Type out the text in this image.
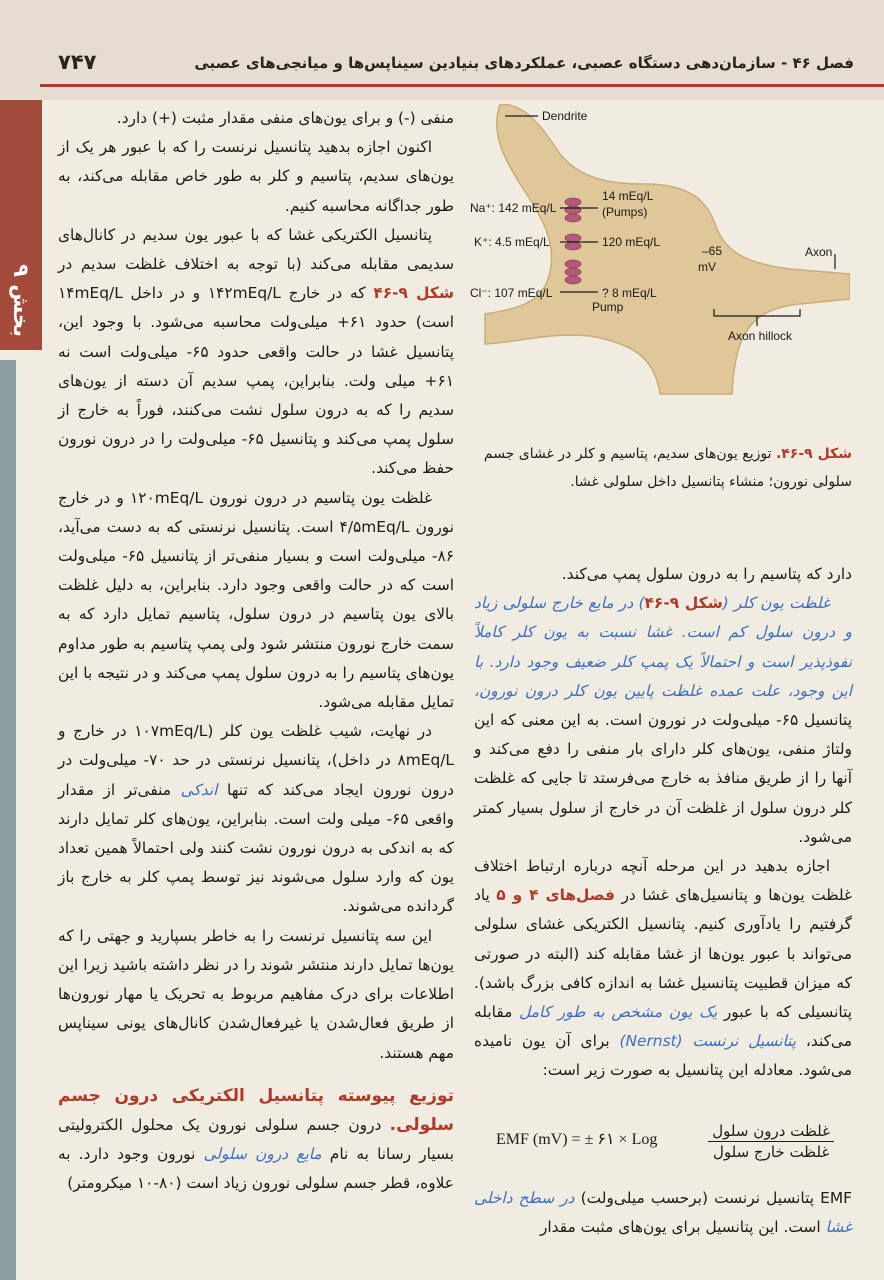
۷۴۷	فصل ۴۶ - سازمان‌دهی دستگاه عصبی، عملکردهای بنیادین سیناپس‌ها و میانجی‌های عصبی
بخش ۹
Dendrite
Na⁺: 142 mEq/L
14 mEq/L
(Pumps)
K⁺: 4.5 mEq/L	120 mEq/L
Cl⁻: 107 mEq/L	? 8 mEq/L
Pump
–65
mV
Axon
Axon hillock
شکل ۹-۴۶. توزیع یون‌های سدیم، پتاسیم و کلر در غشای جسم سلولی نورون؛ منشاء پتانسیل داخل سلولی غشا.

منفی (-) و برای یون‌های منفی مقدار مثبت (+) دارد.

اکنون اجازه بدهید پتانسیل نرنست را که با عبور هر یک از یون‌های سدیم، پتاسیم و کلر به طور خاص مقابله می‌کند، به طور جداگانه محاسبه کنیم.

پتانسیل الکتریکی غشا که با عبور یون سدیم در کانال‌های سدیمی مقابله می‌کند (با توجه به اختلاف غلظت سدیم در شکل ۹-۴۶ که در خارج ۱۴۲mEq/L و در داخل ۱۴mEq/L است) حدود ۶۱+ میلی‌ولت محاسبه می‌شود. با وجود این، پتانسیل غشا در حالت واقعی حدود ۶۵- میلی‌ولت است نه ۶۱+ میلی ولت. بنابراین، پمپ سدیم آن دسته از یون‌های سدیم را که به درون سلول نشت می‌کنند، فوراً به خارج از سلول پمپ می‌کند و پتانسیل ۶۵- میلی‌ولت را در درون نورون حفظ می‌کند.

غلظت یون پتاسیم در درون نورون ۱۲۰mEq/L و در خارج نورون ۴/۵mEq/L است. پتانسیل نرنستی که به دست می‌آید، ۸۶- میلی‌ولت است و بسیار منفی‌تر از پتانسیل ۶۵- میلی‌ولت است که در حالت واقعی وجود دارد. بنابراین، به دلیل غلظت بالای یون پتاسیم در درون سلول، پتاسیم تمایل دارد که به سمت خارج نورون منتشر شود ولی پمپ پتاسیم به طور مداوم یون‌های پتاسیم را به درون سلول پمپ می‌کند و در نتیجه با این تمایل مقابله می‌شود.

در نهایت، شیب غلظت یون کلر (۱۰۷mEq/L در خارج و ۸mEq/L در داخل)، پتانسیل نرنستی در حد ۷۰- میلی‌ولت در درون نورون ایجاد می‌کند که تنها اندکی منفی‌تر از مقدار واقعی ۶۵- میلی ولت است. بنابراین، یون‌های کلر تمایل دارند که به اندکی به درون نورون نشت کنند ولی احتمالاً همین تعداد یون که وارد سلول می‌شوند نیز توسط پمپ کلر به خارج باز گردانده می‌شوند.

این سه پتانسیل نرنست را به خاطر بسپارید و جهتی را که یون‌ها تمایل دارند منتشر شوند را در نظر داشته باشید زیرا این اطلاعات برای درک مفاهیم مربوط به تحریک یا مهار نورون‌ها از طریق فعال‌شدن یا غیرفعال‌شدن کانال‌های یونی سیناپس مهم هستند.

توزیع پیوسته پتانسیل الکتریکی درون جسم سلولی. درون جسم سلولی نورون یک محلول الکترولیتی بسیار رسانا به نام مایع درون سلولی نورون وجود دارد. به علاوه، قطر جسم سلولی نورون زیاد است (۸۰-۱۰ میکرومتر)

دارد که پتاسیم را به درون سلول پمپ می‌کند.

غلظت یون کلر (شکل ۹-۴۶) در مایع خارج سلولی زیاد و درون سلول کم است. غشا نسبت به یون کلر کاملاً نفوذپذیر است و احتمالاً یک پمپ کلر ضعیف وجود دارد. با این وجود، علت عمده غلظت پایین یون کلر درون نورون، پتانسیل ۶۵- میلی‌ولت در نورون است. به این معنی که این ولتاژ منفی، یون‌های کلر دارای بار منفی را دفع می‌کند و آنها را از طریق منافذ به خارج می‌فرستد تا جایی که غلظت کلر درون سلول از غلظت آن در خارج از سلول بسیار کمتر می‌شود.

اجازه بدهید در این مرحله آنچه درباره ارتباط اختلاف غلظت یون‌ها و پتانسیل‌های غشا در فصل‌های ۴ و ۵ یاد گرفتیم را یادآوری کنیم. پتانسیل الکتریکی غشای سلولی می‌تواند با عبور یون‌ها از غشا مقابله کند (البته در صورتی که میزان قطبیت پتانسیل غشا به اندازه کافی بزرگ باشد). پتانسیلی که با عبور یک یون مشخص به طور کامل مقابله می‌کند، پتانسیل نرنست (Nernst) برای آن یون نامیده می‌شود. معادله این پتانسیل به صورت زیر است:

غلظت درون سلول
غلظت خارج سلول
EMF (mV) = ± ۶۱ × Log

EMF پتانسیل نرنست (برحسب میلی‌ولت) در سطح داخلی غشا است. این پتانسیل برای یون‌های مثبت مقدار
